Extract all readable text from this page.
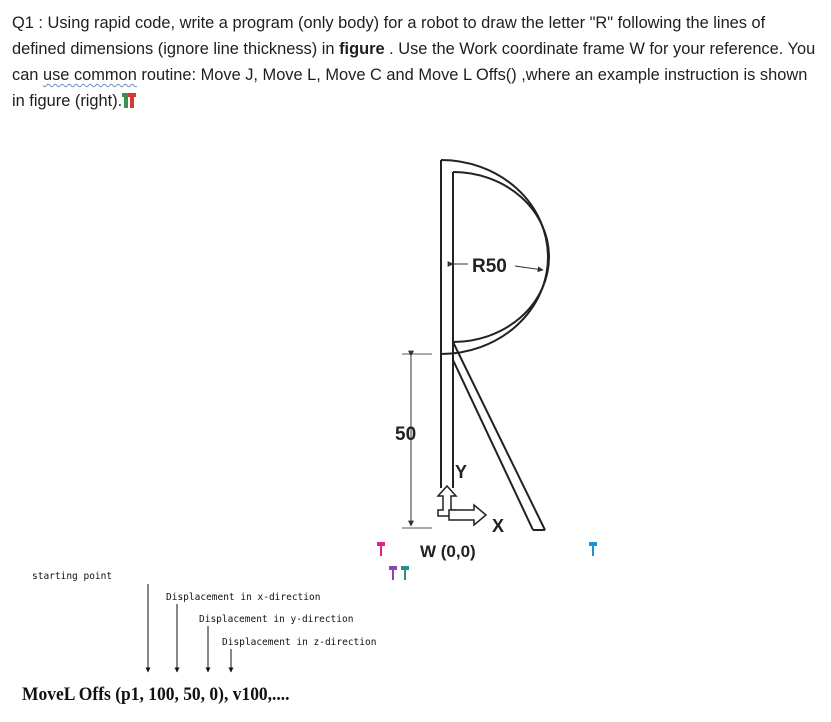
Q1 : Using rapid code, write a program (only body) for a robot to draw the letter "R" following the lines of defined dimensions (ignore line thickness) in figure . Use the Work coordinate frame W for your reference. You can use common routine: Move J, Move L, Move C and Move L Offs() ,where an example instruction is shown in figure (right).
R50
50
Y
X
W (0,0)
starting point
Displacement in x-direction
Displacement in y-direction
Displacement in z-direction
MoveL Offs (p1, 100, 50, 0), v100,....
